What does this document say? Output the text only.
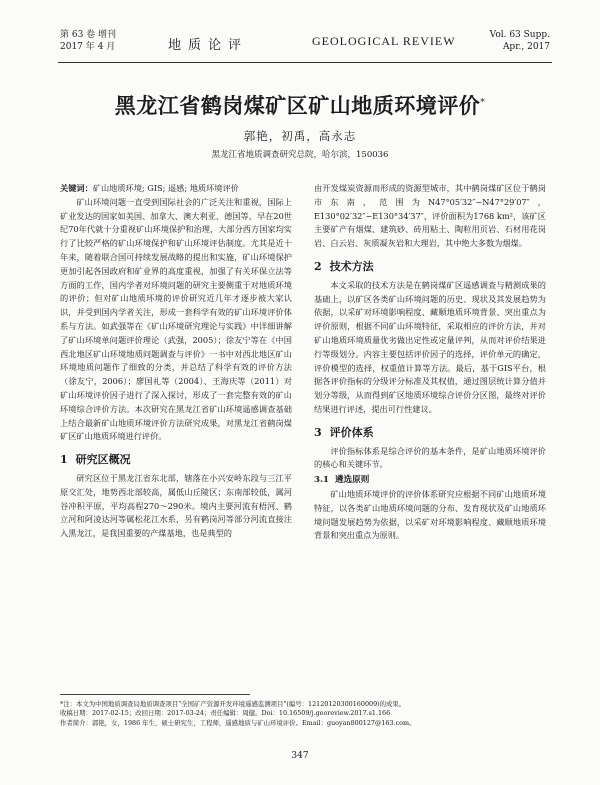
第 63 卷 增刊
2017 年 4 月	地质论评	GEOLOGICAL REVIEW	Vol. 63 Supp.
Apr., 2017
黑龙江省鹤岗煤矿区矿山地质环境评价*
郭艳，初禹，高永志
黑龙江省地质调查研究总院，哈尔滨，150036

关键词：矿山地质环境; GIS; 遥感; 地质环境评价

矿山环境问题一直受到国际社会的广泛关注和重视，国际上矿业发达的国家如美国、加拿大、澳大利亚、德国等，早在20世纪70年代就十分重视矿山环境保护和治理，大部分西方国家均实行了比较严格的矿山环境保护和矿山环境评估制度。尤其是近十年来，随着联合国可持续发展战略的提出和实施，矿山环境保护更加引起各国政府和矿业界的高度重视，加强了有关环保立法等方面的工作，国内学者对环境问题的研究主要侧重于对地质环境的评价；但对矿山地质环境的评价研究近几年才逐步被大家认识，并受到国内学者关注，形成一套科学有效的矿山环境评价体系与方法。如武强等在《矿山环境研究理论与实践》中详细讲解了矿山环境单问题评价理论（武强，2005）；徐友宁等在《中国西北地区矿山环境地质问题调查与评价》一书中对西北地区矿山环境地质问题作了细致的分类，并总结了科学有效的评价方法（徐友宁，2006）；廖国礼等（2004）、王海庆等（2011）对矿山环境评价因子进行了深入探讨，形成了一套完整有效的矿山环境综合评价方法。本次研究在黑龙江省矿山环境遥感调查基础上结合最新矿山地质环境评价方法研究成果，对黑龙江省鹤岗煤矿区矿山地质环境进行评价。

1 研究区概况

研究区位于黑龙江省东北部，辖落在小兴安岭东段与三江平原交汇处，地势西北部较高，属低山丘陵区；东南部较低，属河谷冲积平原，平均高程270～290米。境内主要河流有梧河、鹤立河和阿凌达河等属松花江水系，另有鹤岗河等部分河流直接注入黑龙江，是我国重要的产煤基地，也是典型的

由开发煤炭资源而形成的资源型城市，其中鹤岗煤矿区位于鹤岗市东南，范围为N47°05′32″~N47°29′07″，E130°02′32″~E130°34′37″，评价面积为1768 km²，该矿区主要矿产有烟煤、建筑砂、砖用粘土、陶粒用页岩、石材用花岗岩、白云岩、灰质凝灰岩和大理岩，其中绝大多数为烟煤。

2 技术方法

本文采取的技术方法是在鹤岗煤矿区遥感调查与精测成果的基础上，以矿区各类矿山环境问题的历史、现状及其发展趋势为依据，以采矿对环境影响程度、藏顺地质环境背景、突出重点为评价原则，根据不同矿山环境特征，采取相应的评价方法，并对矿山地质环境质量优劣做出定性或定量评判，从而对评价结果进行等级划分。内容主要包括评价因子的选择，评价单元的确定，评价模型的选择，权重值计算等方法。最后，基于GIS平台，根据各评价指标的分级评分标准及其权值，通过图层统计算分值并划分等级，从而得到矿区地质环境综合评价分区图，最终对评价结果进行评述，提出可行性建议。

3 评价体系

评价指标体系是综合评价的基本条件，是矿山地质环境评价的核心和关键环节。

3.1 遴选原则

矿山地质环境评价的评价体系研究应根据不同矿山地质环境特征，以各类矿山地质环境问题的分布、发育现状及矿山地质环境问题发展趋势为依据，以采矿对环境影响程度、藏顺地质环境背景和突出重点为原则。

*注：本文为中国地质调查局地质调查项目"全国矿产资源开发环境遥感监测项目"(编号：12120120300160009)的成果。

收稿日期：2017-02-15；改回日期：2017-03-24；责任编辑：周健。Doi：10.16509/j.georeview.2017.s1.166

作者简介：郭艳，女，1986 年生，硕士研究生，工程师，遥感地质与矿山环境评价。Email：guoyan800127@163.com。

347
